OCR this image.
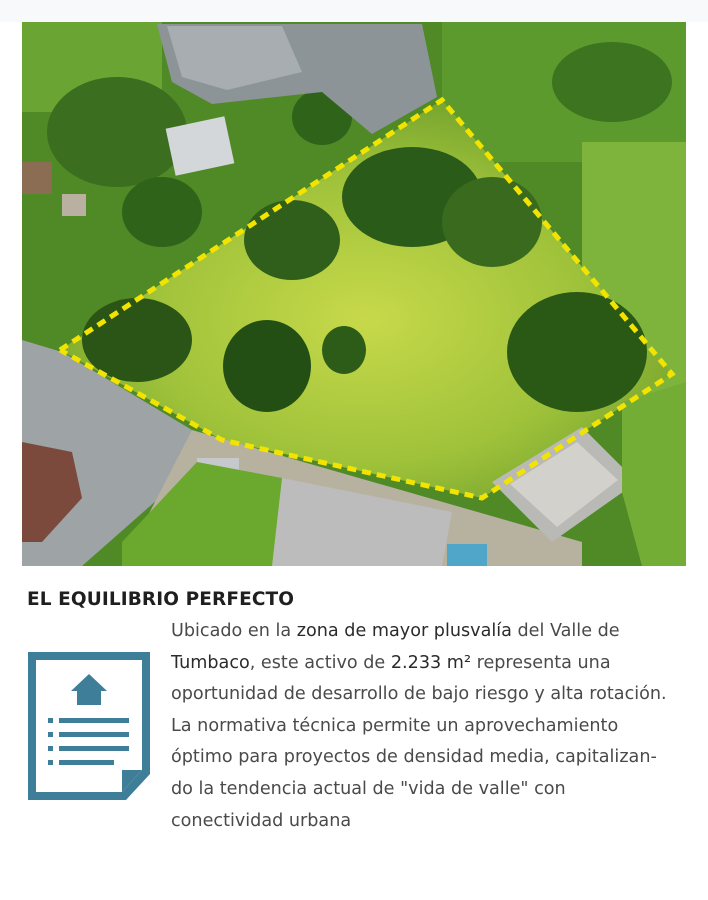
EL EQUILIBRIO PERFECTO
Ubicado en la zona de mayor plusvalía del Valle de
Tumbaco, este activo de 2.233 m² representa una
oportunidad de desarrollo de bajo riesgo y alta rotación.
La normativa técnica permite un aprovechamiento
óptimo para proyectos de densidad media, capitalizan-
do la tendencia actual de "vida de valle" con
conectividad urbana
